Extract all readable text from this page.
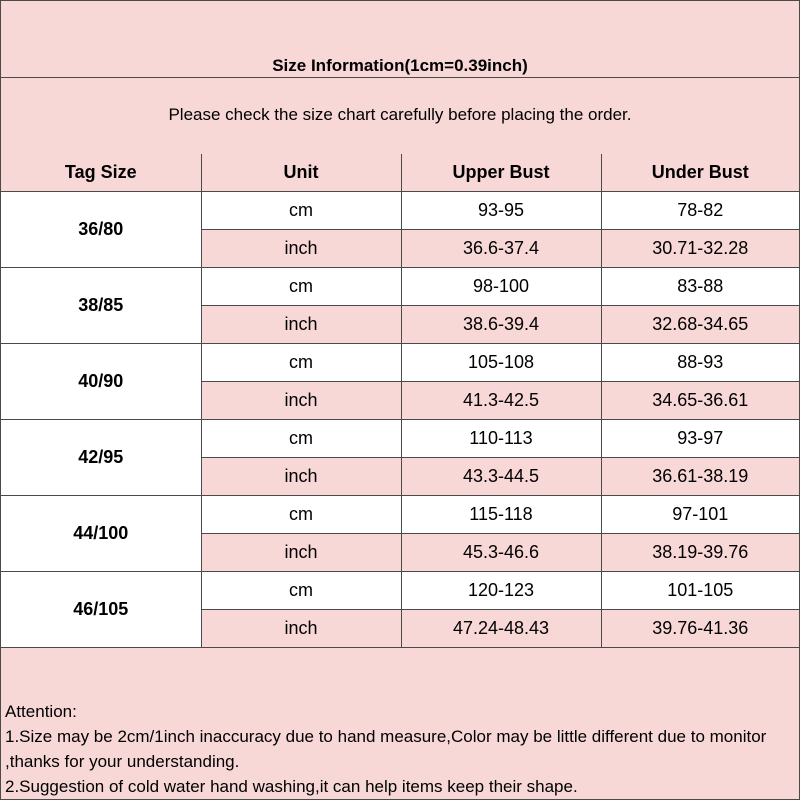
Size Information(1cm=0.39inch)
Please check the size chart carefully before placing the order.
Tag Size	Unit	Upper Bust	Under Bust
36/80	cm	93-95	78-82
	inch	36.6-37.4	30.71-32.28
38/85	cm	98-100	83-88
	inch	38.6-39.4	32.68-34.65
40/90	cm	105-108	88-93
	inch	41.3-42.5	34.65-36.61
42/95	cm	110-113	93-97
	inch	43.3-44.5	36.61-38.19
44/100	cm	115-118	97-101
	inch	45.3-46.6	38.19-39.76
46/105	cm	120-123	101-105
	inch	47.24-48.43	39.76-41.36
Attention:
1.Size may be 2cm/1inch inaccuracy due to hand measure,Color may be little different due to monitor ,thanks for your understanding.
2.Suggestion of cold water hand washing,it can help items keep their shape.
